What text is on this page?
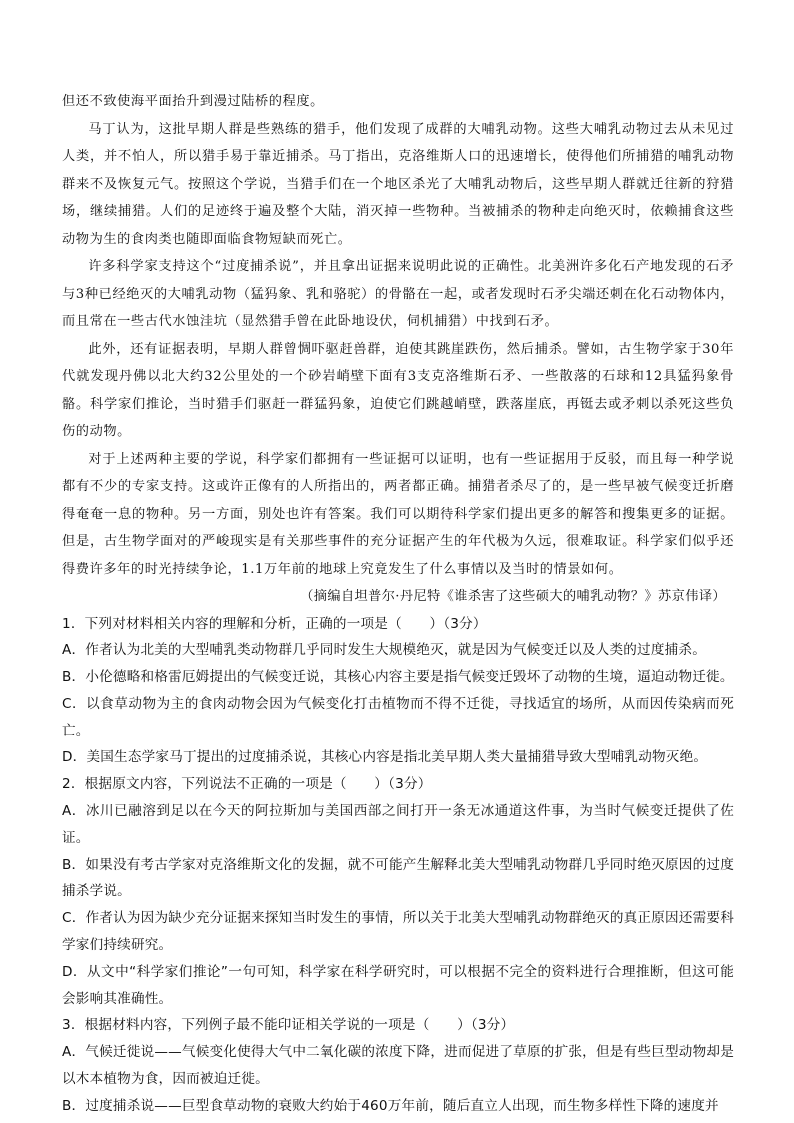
但还不致使海平面抬升到漫过陆桥的程度。

马丁认为，这批早期人群是些熟练的猎手，他们发现了成群的大哺乳动物。这些大哺乳动物过去从未见过人类，并不怕人，所以猎手易于靠近捕杀。马丁指出，克洛维斯人口的迅速增长，使得他们所捕猎的哺乳动物群来不及恢复元气。按照这个学说，当猎手们在一个地区杀光了大哺乳动物后，这些早期人群就迁往新的狩猎场，继续捕猎。人们的足迹终于遍及整个大陆，消灭掉一些物种。当被捕杀的物种走向绝灭时，依赖捕食这些动物为生的食肉类也随即面临食物短缺而死亡。

许多科学家支持这个“过度捕杀说”，并且拿出证据来说明此说的正确性。北美洲许多化石产地发现的石矛与3种已经绝灭的大哺乳动物（猛犸象、乳和骆驼）的骨骼在一起，或者发现时石矛尖端还刺在化石动物体内，而且常在一些古代水蚀洼坑（显然猎手曾在此卧地设伏，伺机捕猎）中找到石矛。

此外，还有证据表明，早期人群曾惆吓驱赶兽群，迫使其跳崖跌伤，然后捕杀。譬如，古生物学家于30年代就发现丹佛以北大约32公里处的一个砂岩峭壁下面有3支克洛维斯石矛、一些散落的石球和12具猛犸象骨骼。科学家们推论，当时猎手们驱赶一群猛犸象，迫使它们跳越峭壁，跌落崖底，再铤去或矛刺以杀死这些负伤的动物。

对于上述两种主要的学说，科学家们都拥有一些证据可以证明，也有一些证据用于反驳，而且每一种学说都有不少的专家支持。这或许正像有的人所指出的，两者都正确。捕猎者杀尽了的，是一些早被气候变迁折磨得奄奄一息的物种。另一方面，别处也许有答案。我们可以期待科学家们提出更多的解答和搜集更多的证据。但是，古生物学面对的严峻现实是有关那些事件的充分证据产生的年代极为久远，很难取证。科学家们似乎还得费许多年的时光持续争论，1.1万年前的地球上究竟发生了什么事情以及当时的情景如何。

（摘编自坦普尔·丹尼特《谁杀害了这些硕大的哺乳动物？》苏京伟译）

1．下列对材料相关内容的理解和分析，正确的一项是（　　）（3分）

A．作者认为北美的大型哺乳类动物群几乎同时发生大规模绝灭，就是因为气候变迁以及人类的过度捕杀。

B．小伦德略和格雷厄姆提出的气候变迁说，其核心内容主要是指气候变迁毁坏了动物的生境，逼迫动物迁徙。

C．以食草动物为主的食肉动物会因为气候变化打击植物而不得不迁徙，寻找适宜的场所，从而因传染病而死亡。

D．美国生态学家马丁提出的过度捕杀说，其核心内容是指北美早期人类大量捕猎导致大型哺乳动物灭绝。

2．根据原文内容，下列说法不正确的一项是（　　）（3分）

A．冰川已融溶到足以在今天的阿拉斯加与美国西部之间打开一条无冰通道这件事，为当时气候变迁提供了佐证。

B．如果没有考古学家对克洛维斯文化的发掘，就不可能产生解释北美大型哺乳动物群几乎同时绝灭原因的过度捕杀学说。

C．作者认为因为缺少充分证据来探知当时发生的事情，所以关于北美大型哺乳动物群绝灭的真正原因还需要科学家们持续研究。

D．从文中“科学家们推论”一句可知，科学家在科学研究时，可以根据不完全的资料进行合理推断，但这可能会影响其准确性。

3．根据材料内容，下列例子最不能印证相关学说的一项是（　　）（3分）

A．气候迁徙说——气候变化使得大气中二氧化碳的浓度下降，进而促进了草原的扩张，但是有些巨型动物却是以木本植物为食，因而被迫迁徙。

B．过度捕杀说——巨型食草动物的衰败大约始于460万年前，随后直立人出现，而生物多样性下降的速度并
